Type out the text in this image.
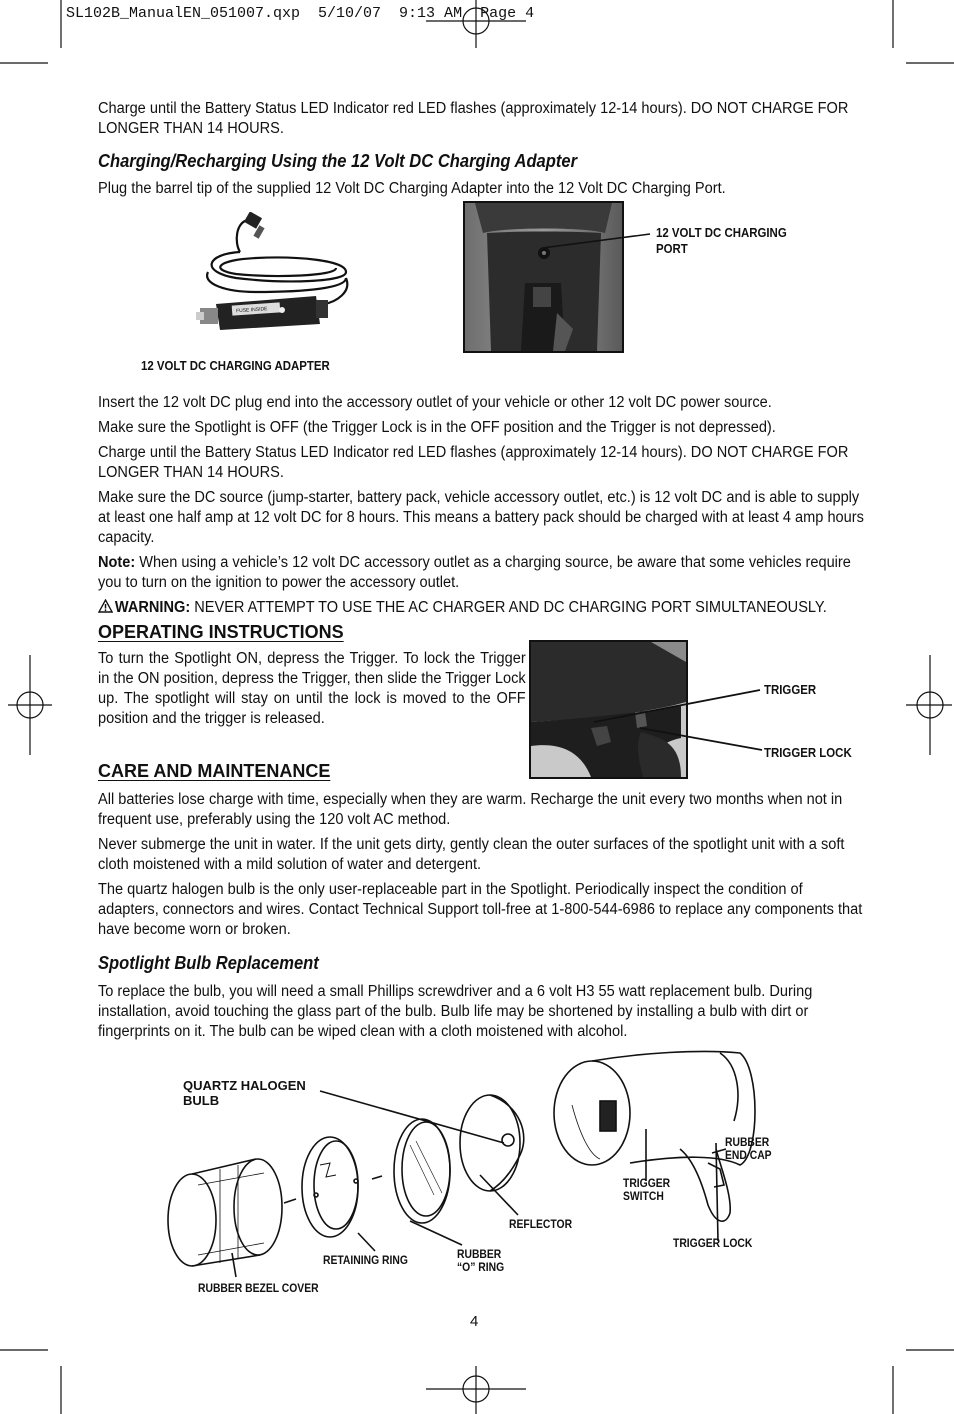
SL102B_ManualEN_051007.qxp  5/10/07  9:13 AM  Page 4

Charge until the Battery Status LED Indicator red LED flashes (approximately 12-14 hours). DO NOT CHARGE FOR LONGER THAN 14 HOURS.

Charging/Recharging Using the 12 Volt DC Charging Adapter

Plug the barrel tip of the supplied 12 Volt DC Charging Adapter into the 12 Volt DC Charging Port.

FUSE INSIDE
12 VOLT DC CHARGING ADAPTER
12 VOLT DC CHARGING
PORT

Insert the 12 volt DC plug end into the accessory outlet of your vehicle or other 12 volt DC power source.

Make sure the Spotlight is OFF (the Trigger Lock is in the OFF position and the Trigger is not depressed).

Charge until the Battery Status LED Indicator red LED flashes (approximately 12-14 hours). DO NOT CHARGE FOR LONGER THAN 14 HOURS.

Make sure the DC source (jump-starter, battery pack, vehicle accessory outlet, etc.) is 12 volt DC and is able to supply at least one half amp at 12 volt DC for 8 hours. This means a battery pack should be charged with at least 4 amp hours capacity.

Note: When using a vehicle’s 12 volt DC accessory outlet as a charging source, be aware that some vehicles require you to turn on the ignition to power the accessory outlet.

WARNING: NEVER ATTEMPT TO USE THE AC CHARGER AND DC CHARGING PORT SIMULTANEOUSLY.

OPERATING INSTRUCTIONS

To turn the Spotlight ON, depress the Trigger. To lock the Trigger in the ON position, depress the Trigger, then slide the Trigger Lock up. The spotlight will stay on until the lock is moved to the OFF position and the trigger is released.

TRIGGER
TRIGGER LOCK
CARE AND MAINTENANCE

All batteries lose charge with time, especially when they are warm. Recharge the unit every two months when not in frequent use, preferably using the 120 volt AC method.

Never submerge the unit in water. If the unit gets dirty, gently clean the outer surfaces of the spotlight unit with a soft cloth moistened with a mild solution of water and detergent.

The quartz halogen bulb is the only user-replaceable part in the Spotlight. Periodically inspect the condition of adapters, connectors and wires. Contact Technical Support toll-free at 1-800-544-6986 to replace any components that have become worn or broken.

Spotlight Bulb Replacement

To replace the bulb, you will need a small Phillips screwdriver and a 6 volt H3 55 watt replacement bulb. During installation, avoid touching the glass part of the bulb. Bulb life may be shortened by installing a bulb with dirt or fingerprints on it. The bulb can be wiped clean with a cloth moistened with alcohol.

QUARTZ HALOGEN
BULB
RUBBER
END CAP
TRIGGER
SWITCH
REFLECTOR
TRIGGER LOCK
RETAINING RING	RUBBER
“O” RING
RUBBER BEZEL COVER
4
